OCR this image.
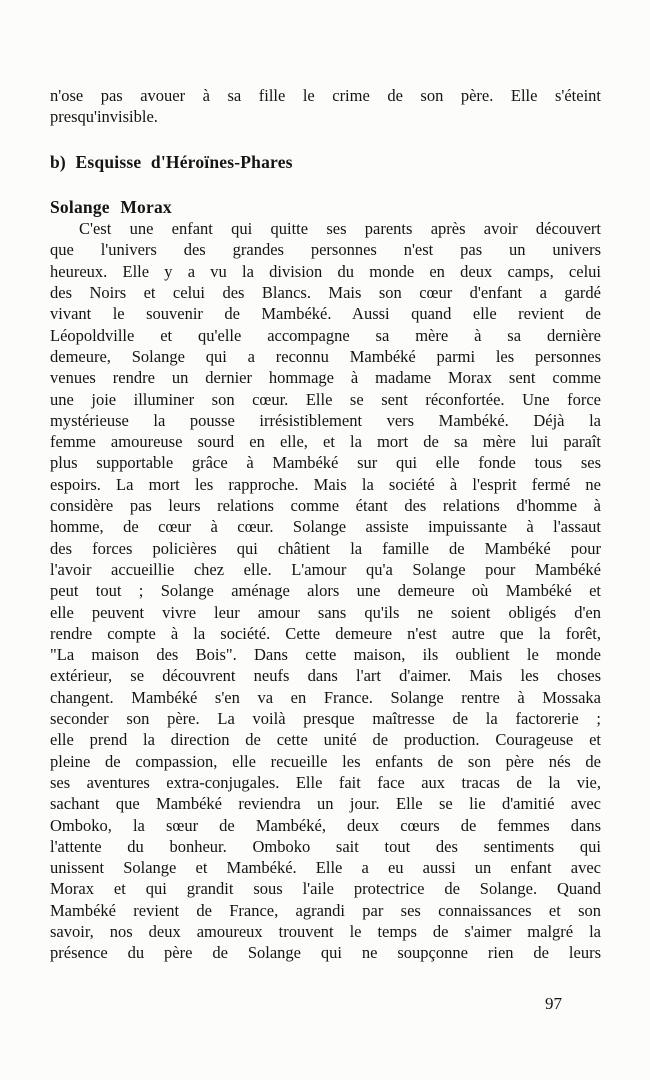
n'ose pas avouer à sa fille le crime de son père. Elle s'éteint
presqu'invisible.
b) Esquisse d'Héroïnes-Phares
Solange Morax
C'est une enfant qui quitte ses parents après avoir découvert
que l'univers des grandes personnes n'est pas un univers
heureux. Elle y a vu la division du monde en deux camps, celui
des Noirs et celui des Blancs. Mais son cœur d'enfant a gardé
vivant le souvenir de Mambéké. Aussi quand elle revient de
Léopoldville et qu'elle accompagne sa mère à sa dernière
demeure, Solange qui a reconnu Mambéké parmi les personnes
venues rendre un dernier hommage à madame Morax sent comme
une joie illuminer son cœur. Elle se sent réconfortée. Une force
mystérieuse la pousse irrésistiblement vers Mambéké. Déjà la
femme amoureuse sourd en elle, et la mort de sa mère lui paraît
plus supportable grâce à Mambéké sur qui elle fonde tous ses
espoirs. La mort les rapproche. Mais la société à l'esprit fermé ne
considère pas leurs relations comme étant des relations d'homme à
homme, de cœur à cœur. Solange assiste impuissante à l'assaut
des forces policières qui châtient la famille de Mambéké pour
l'avoir accueillie chez elle. L'amour qu'a Solange pour Mambéké
peut tout ; Solange aménage alors une demeure où Mambéké et
elle peuvent vivre leur amour sans qu'ils ne soient obligés d'en
rendre compte à la société. Cette demeure n'est autre que la forêt,
"La maison des Bois". Dans cette maison, ils oublient le monde
extérieur, se découvrent neufs dans l'art d'aimer. Mais les choses
changent. Mambéké s'en va en France. Solange rentre à Mossaka
seconder son père. La voilà presque maîtresse de la factorerie ;
elle prend la direction de cette unité de production. Courageuse et
pleine de compassion, elle recueille les enfants de son père nés de
ses aventures extra-conjugales. Elle fait face aux tracas de la vie,
sachant que Mambéké reviendra un jour. Elle se lie d'amitié avec
Omboko, la sœur de Mambéké, deux cœurs de femmes dans
l'attente du bonheur. Omboko sait tout des sentiments qui
unissent Solange et Mambéké. Elle a eu aussi un enfant avec
Morax et qui grandit sous l'aile protectrice de Solange. Quand
Mambéké revient de France, agrandi par ses connaissances et son
savoir, nos deux amoureux trouvent le temps de s'aimer malgré la
présence du père de Solange qui ne soupçonne rien de leurs
97
